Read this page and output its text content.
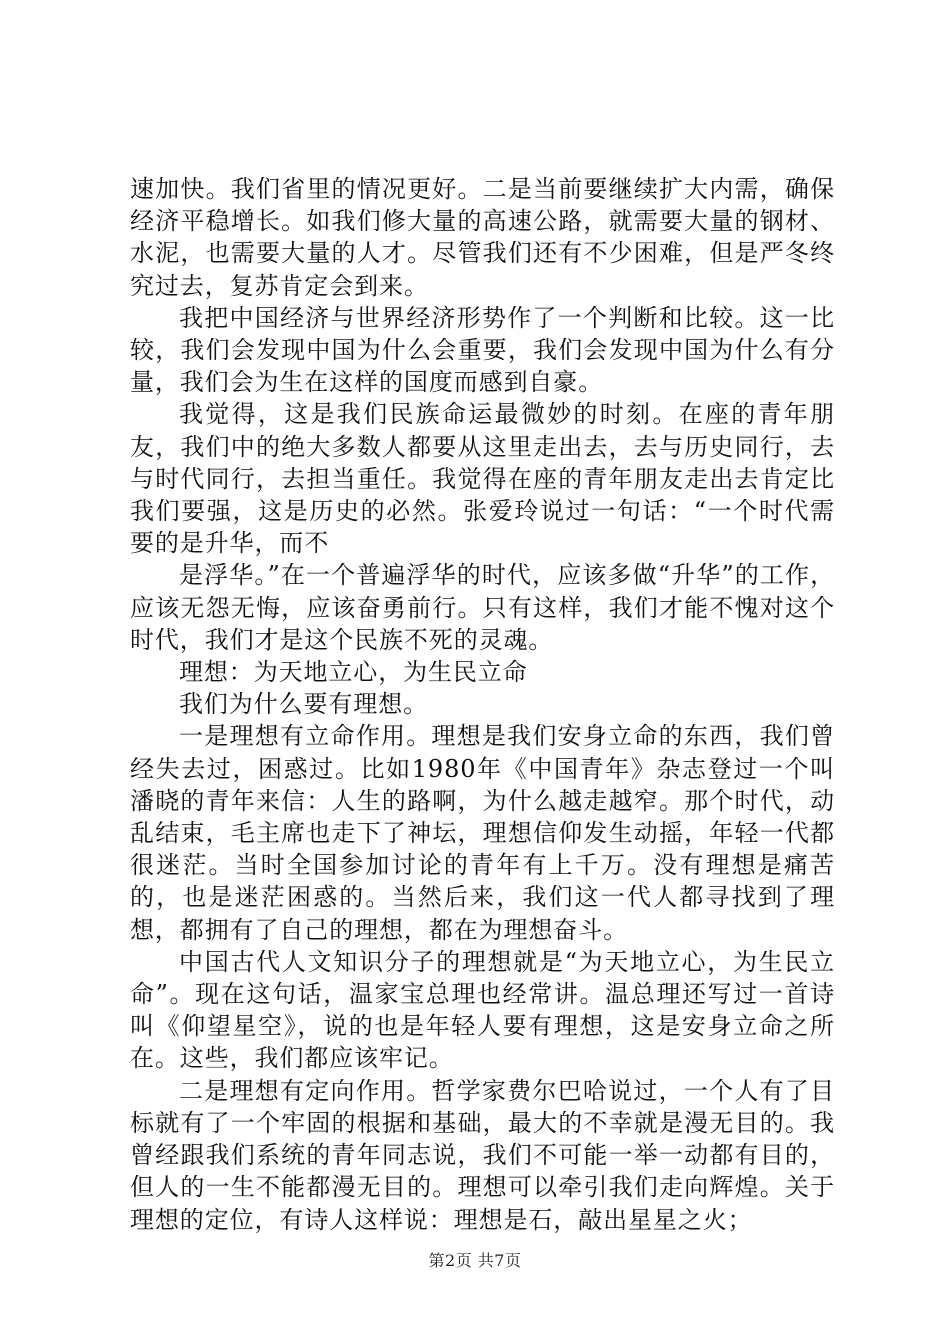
速加快。我们省里的情况更好。二是当前要继续扩大内需，确保经济平稳增长。如我们修大量的高速公路，就需要大量的钢材、水泥，也需要大量的人才。尽管我们还有不少困难，但是严冬终究过去，复苏肯定会到来。

我把中国经济与世界经济形势作了一个判断和比较。这一比较，我们会发现中国为什么会重要，我们会发现中国为什么有分量，我们会为生在这样的国度而感到自豪。

我觉得，这是我们民族命运最微妙的时刻。在座的青年朋友，我们中的绝大多数人都要从这里走出去，去与历史同行，去与时代同行，去担当重任。我觉得在座的青年朋友走出去肯定比我们要强，这是历史的必然。张爱玲说过一句话：“一个时代需要的是升华，而不

是浮华。”在一个普遍浮华的时代，应该多做“升华”的工作，应该无怨无悔，应该奋勇前行。只有这样，我们才能不愧对这个时代，我们才是这个民族不死的灵魂。

理想：为天地立心，为生民立命

我们为什么要有理想。

一是理想有立命作用。理想是我们安身立命的东西，我们曾经失去过，困惑过。比如1980年《中国青年》杂志登过一个叫潘晓的青年来信：人生的路啊，为什么越走越窄。那个时代，动乱结束，毛主席也走下了神坛，理想信仰发生动摇，年轻一代都很迷茫。当时全国参加讨论的青年有上千万。没有理想是痛苦的，也是迷茫困惑的。当然后来，我们这一代人都寻找到了理想，都拥有了自己的理想，都在为理想奋斗。

中国古代人文知识分子的理想就是“为天地立心，为生民立命”。现在这句话，温家宝总理也经常讲。温总理还写过一首诗叫《仰望星空》，说的也是年轻人要有理想，这是安身立命之所在。这些，我们都应该牢记。

二是理想有定向作用。哲学家费尔巴哈说过，一个人有了目标就有了一个牢固的根据和基础，最大的不幸就是漫无目的。我曾经跟我们系统的青年同志说，我们不可能一举一动都有目的，但人的一生不能都漫无目的。理想可以牵引我们走向辉煌。关于理想的定位，有诗人这样说：理想是石，敲出星星之火；

第2页 共7页
